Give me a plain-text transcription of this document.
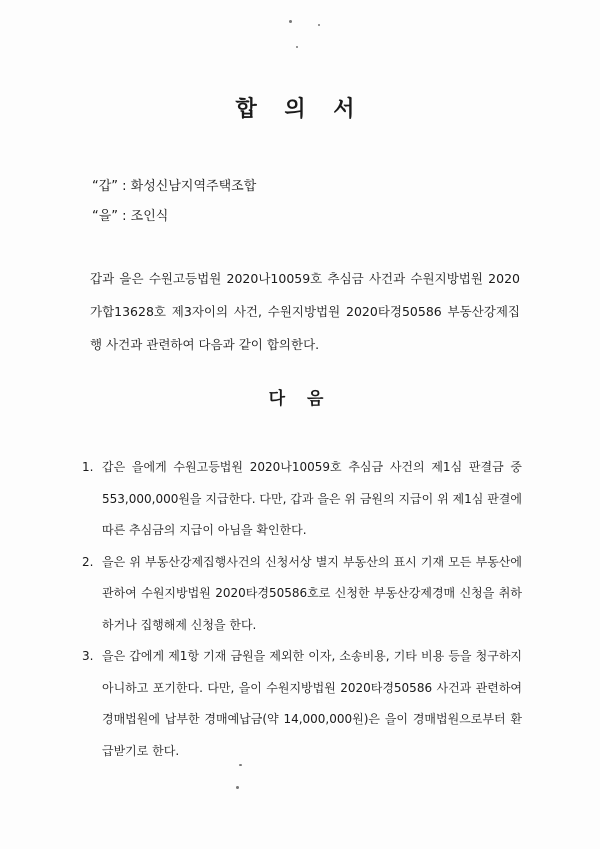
합 의 서
“갑” : 화성신남지역주택조합
“을” : 조인식
갑과 을은 수원고등법원 2020나10059호 추심금 사건과 수원지방법원 2020가합13628호 제3자이의 사건, 수원지방법원 2020타경50586 부동산강제집행 사건과 관련하여 다음과 같이 합의한다.
다 음
1. 갑은 을에게 수원고등법원 2020나10059호 추심금 사건의 제1심 판결금 중 553,000,000원을 지급한다. 다만, 갑과 을은 위 금원의 지급이 위 제1심 판결에 따른 추심금의 지급이 아님을 확인한다.
2. 을은 위 부동산강제집행사건의 신청서상 별지 부동산의 표시 기재 모든 부동산에 관하여 수원지방법원 2020타경50586호로 신청한 부동산강제경매 신청을 취하하거나 집행해제 신청을 한다.
3. 을은 갑에게 제1항 기재 금원을 제외한 이자, 소송비용, 기타 비용 등을 청구하지 아니하고 포기한다. 다만, 을이 수원지방법원 2020타경50586 사건과 관련하여 경매법원에 납부한 경매예납금(약 14,000,000원)은 을이 경매법원으로부터 환급받기로 한다.
